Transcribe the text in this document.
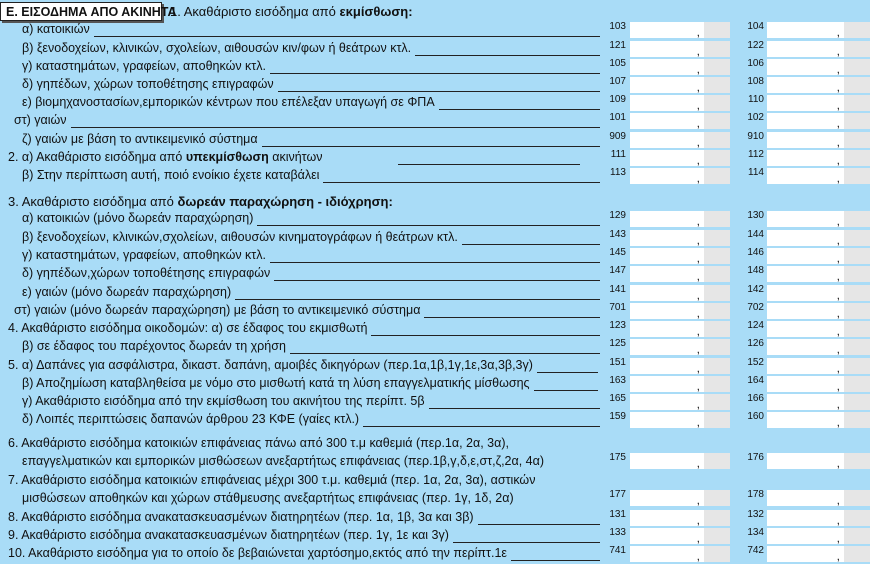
Ε. ΕΙΣΟΔΗΜΑ ΑΠΟ ΑΚΙΝΗΤΑ
1. Ακαθάριστο εισόδημα από εκμίσθωση:
3. Ακαθάριστο εισόδημα από δωρεάν παραχώρηση - ιδιόχρηση:
α) κατοικιών	103	,	104	,
β) ξενοδοχείων, κλινικών, σχολείων, αιθουσών κιν/φων ή θεάτρων κτλ.	121	,	122	,
γ) καταστημάτων, γραφείων, αποθηκών κτλ.	105	,	106	,
δ) γηπέδων, χώρων τοποθέτησης επιγραφών	107	,	108	,
ε) βιομηχανοστασίων,εμπορικών κέντρων που επέλεξαν υπαγωγή σε ΦΠΑ	109	,	110	,
στ) γαιών	101	,	102	,
ζ) γαιών με βάση το αντικειμενικό σύστημα	909	,	910	,
2. α) Ακαθάριστο εισόδημα από υπεκμίσθωση ακινήτων	111	,	112	,
β) Στην περίπτωση αυτή, ποιό ενοίκιο έχετε καταβάλει	113	,	114	,
α) κατοικιών (μόνο δωρεάν παραχώρηση)	129	,	130	,
β) ξενοδοχείων, κλινικών,σχολείων, αιθουσών κινηματογράφων ή θεάτρων κτλ.	143	,	144	,
γ) καταστημάτων, γραφείων, αποθηκών κτλ.	145	,	146	,
δ) γηπέδων,χώρων τοποθέτησης επιγραφών	147	,	148	,
ε) γαιών (μόνο δωρεάν παραχώρηση)	141	,	142	,
στ) γαιών (μόνο δωρεάν παραχώρηση) με βάση το αντικειμενικό σύστημα	701	,	702	,
4. Ακαθάριστο εισόδημα οικοδομών: α) σε έδαφος του εκμισθωτή	123	,	124	,
β) σε έδαφος του παρέχοντος δωρεάν τη χρήση	125	,	126	,
5. α) Δαπάνες για ασφάλιστρα, δικαστ. δαπάνη, αμοιβές δικηγόρων (περ.1α,1β,1γ,1ε,3α,3β,3γ)	151	,	152	,
β) Αποζημίωση καταβληθείσα με νόμο στο μισθωτή κατά τη λύση επαγγελματικής μίσθωσης	163	,	164	,
γ) Ακαθάριστο εισόδημα από την εκμίσθωση του ακινήτου της περίπτ. 5β	165	,	166	,
δ) Λοιπές περιπτώσεις δαπανών άρθρου 23 ΚΦΕ (γαίες κτλ.)	159	,	160	,
6. Ακαθάριστο εισόδημα κατοικιών επιφάνειας πάνω από 300 τ.μ καθεμιά (περ.1α, 2α, 3α),
επαγγελματικών και εμπορικών μισθώσεων ανεξαρτήτως επιφάνειας (περ.1β,γ,δ,ε,στ,ζ,2α, 4α)	175	,	176	,
7. Ακαθάριστο εισόδημα κατοικιών επιφάνειας μέχρι 300 τ.μ. καθεμιά (περ. 1α, 2α, 3α), αστικών
μισθώσεων αποθηκών και χώρων στάθμευσης ανεξαρτήτως επιφάνειας (περ. 1γ, 1δ, 2α)	177	,	178	,
8. Ακαθάριστο εισόδημα ανακατασκευασμένων διατηρητέων (περ. 1α, 1β, 3α και 3β)	131	,	132	,
9. Ακαθάριστο εισόδημα ανακατασκευασμένων διατηρητέων (περ. 1γ, 1ε και 3γ)	133	,	134	,
10. Ακαθάριστο εισόδημα για το οποίο δε βεβαιώνεται χαρτόσημο,εκτός από την περίπτ.1ε	741	,	742	,
